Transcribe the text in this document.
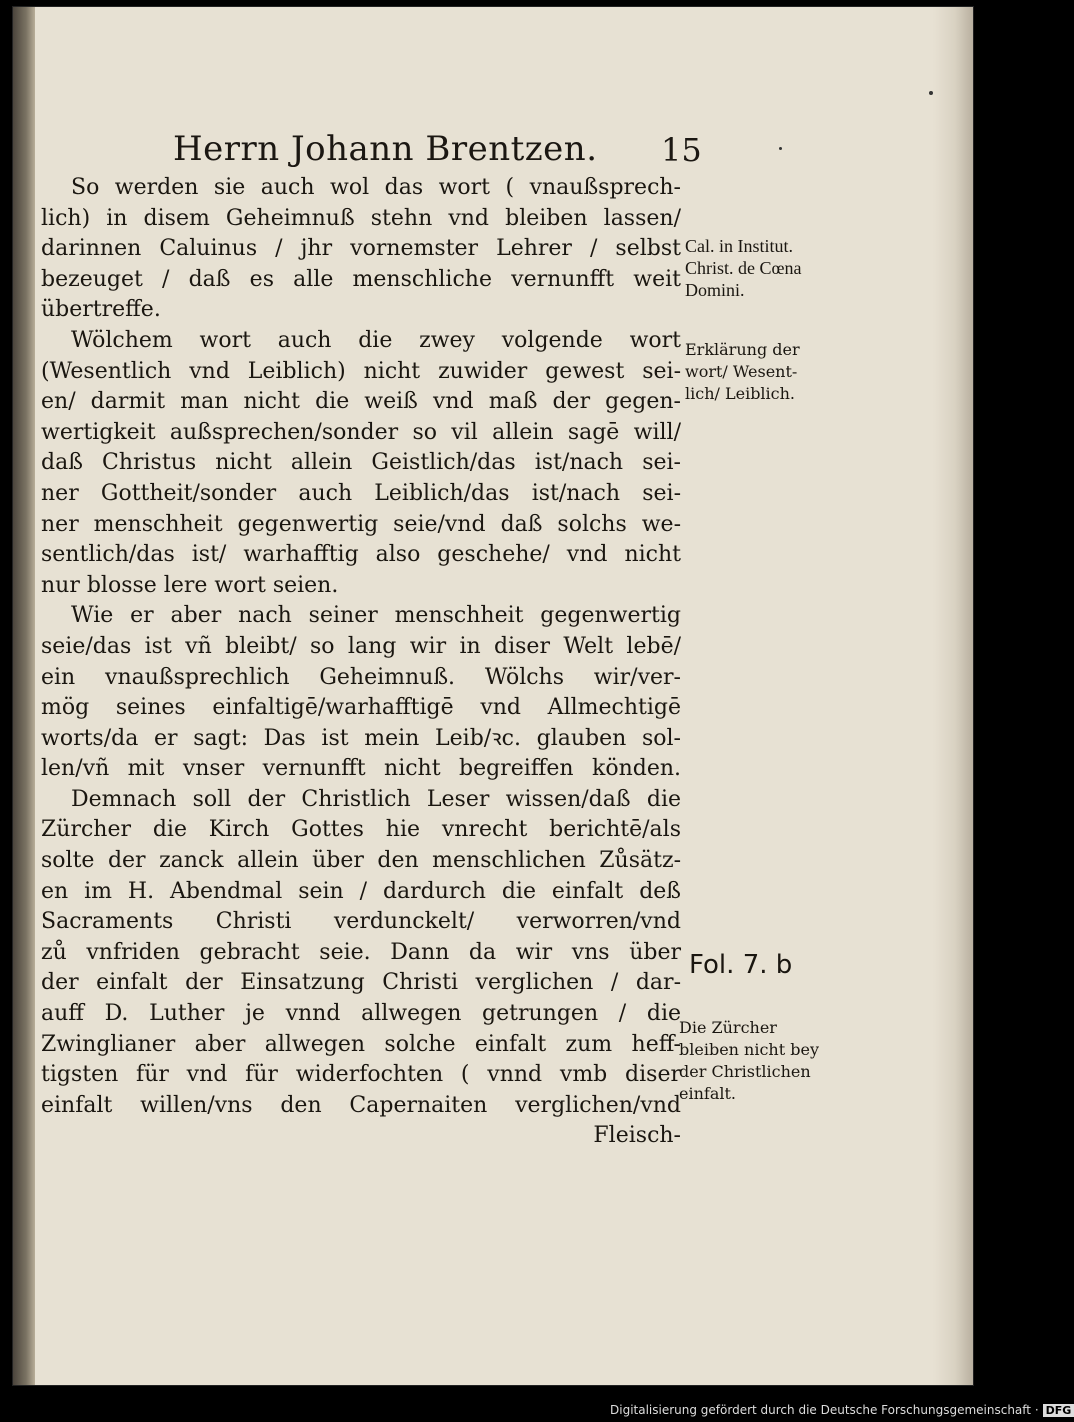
Herrn Johann Brentzen. 15
So werden sie auch wol das wort ( vnaußsprech-
lich) in disem Geheimnuß stehn vnd bleiben lassen/
darinnen Caluinus / jhr vornemster Lehrer / selbst
bezeuget / daß es alle menschliche vernunfft weit
übertreffe.
Wölchem wort auch die zwey volgende wort
(Wesentlich vnd Leiblich) nicht zuwider gewest sei-
en/ darmit man nicht die weiß vnd maß der gegen-
wertigkeit außsprechen/sonder so vil allein sagē will/
daß Christus nicht allein Geistlich/das ist/nach sei-
ner Gottheit/sonder auch Leiblich/das ist/nach sei-
ner menschheit gegenwertig seie/vnd daß solchs we-
sentlich/das ist/ warhafftig also geschehe/ vnd nicht
nur blosse lere wort seien.
Wie er aber nach seiner menschheit gegenwertig
seie/das ist vñ bleibt/ so lang wir in diser Welt lebē/
ein vnaußsprechlich Geheimnuß. Wölchs wir/ver-
mög seines einfaltigē/warhafftigē vnd Allmechtigē
worts/da er sagt: Das ist mein Leib/ꝛc. glauben sol-
len/vñ mit vnser vernunfft nicht begreiffen könden.
Demnach soll der Christlich Leser wissen/daß die
Zürcher die Kirch Gottes hie vnrecht berichtē/als
solte der zanck allein über den menschlichen Zůsätz-
en im H. Abendmal sein / dardurch die einfalt deß
Sacraments Christi verdunckelt/ verworren/vnd
zů vnfriden gebracht seie. Dann da wir vns über
der einfalt der Einsatzung Christi verglichen / dar-
auff D. Luther je vnnd allwegen getrungen / die
Zwinglianer aber allwegen solche einfalt zum heff-
tigsten für vnd für widerfochten ( vnnd vmb diser
einfalt willen/vns den Capernaiten verglichen/vnd
Fleisch-
Cal. in Institut.
Christ. de Cœna
Domini.
Erklärung der
wort/ Wesent-
lich/ Leiblich.
Fol. 7. b
Die Zürcher
bleiben nicht bey
der Christlichen
einfalt.
Digitalisierung gefördert durch die Deutsche Forschungsgemeinschaft · DFG
